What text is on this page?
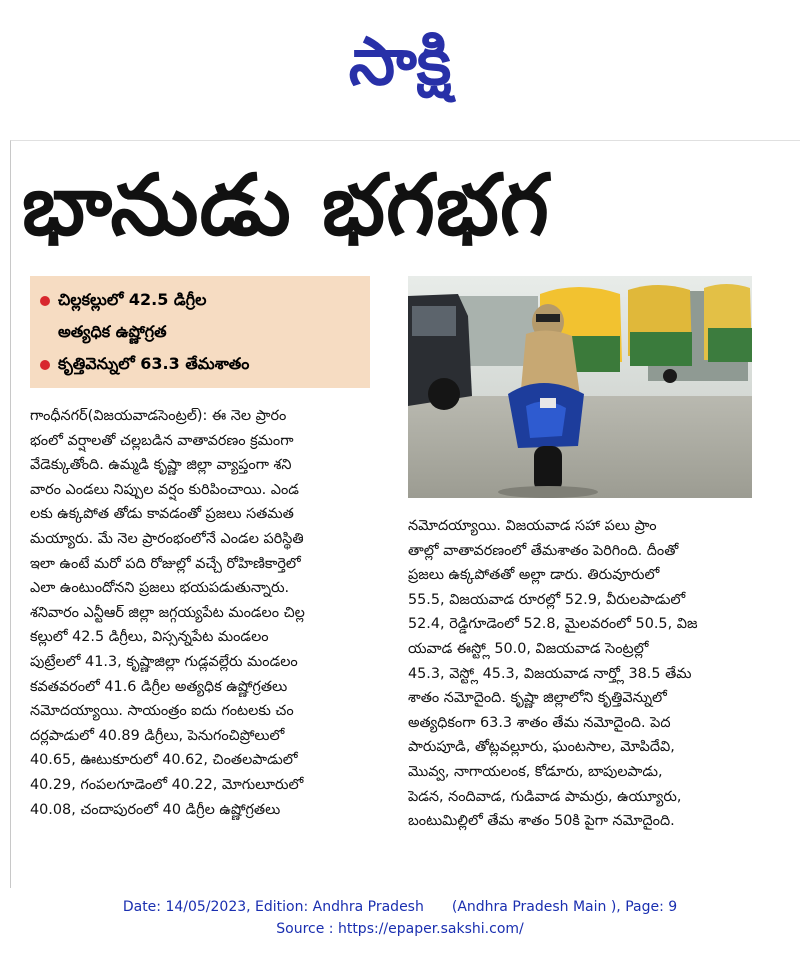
సాక్షి
భానుడు భగభగ
చిల్లకల్లులో 42.5 డిగ్రీల
అత్యధిక ఉష్ణోగ్రత
కృత్తివెన్నులో 63.3 తేమశాతం
గాంధీనగర్(విజయవాడసెంట్రల్): ఈ నెల ప్రారం
భంలో వర్షాలతో చల్లబడిన వాతావరణం క్రమంగా
వేడెక్కుతోంది. ఉమ్మడి కృష్ణా జిల్లా వ్యాప్తంగా శని
వారం ఎండలు నిప్పుల వర్షం కురిపించాయి. ఎండ
లకు ఉక్కపోత తోడు కావడంతో ప్రజలు సతమత
మయ్యారు. మే నెల ప్రారంభంలోనే ఎండల పరిస్థితి
ఇలా ఉంటే మరో పది రోజుల్లో వచ్చే రోహిణికార్తెలో
ఎలా ఉంటుందోనని ప్రజలు భయపడుతున్నారు.
శనివారం ఎన్టీఆర్ జిల్లా జగ్గయ్యపేట మండలం చిల్ల
కల్లులో 42.5 డిగ్రీలు, విస్సన్నపేట మండలం
పుట్రేలలో 41.3, కృష్ణాజిల్లా గుడ్లవల్లేరు మండలం
కవతవరంలో 41.6 డిగ్రీల అత్యధిక ఉష్ణోగ్రతలు
నమోదయ్యాయి. సాయంత్రం ఐదు గంటలకు చం
దర్లపాడులో 40.89 డిగ్రీలు, పెనుగంచిప్రోలులో
40.65, ఊటుకూరులో 40.62, చింతలపాడులో
40.29, గంపలగూడెంలో 40.22, మోగులూరులో
40.08, చందాపురంలో 40 డిగ్రీల ఉష్ణోగ్రతలు
నమోదయ్యాయి. విజయవాడ సహా పలు ప్రాం
తాల్లో వాతావరణంలో తేమశాతం పెరిగింది. దీంతో
ప్రజలు ఉక్కపోతతో అల్లా డారు. తిరువూరులో
55.5, విజయవాడ రూరల్లో 52.9, వీరులపాడులో
52.4, రెడ్డిగూడెంలో 52.8, మైలవరంలో 50.5, విజ
యవాడ ఈస్ట్లో 50.0, విజయవాడ సెంట్రల్లో
45.3, వెస్ట్లో 45.3, విజయవాడ నార్త్లో 38.5 తేమ
శాతం నమోదైంది. కృష్ణా జిల్లాలోని కృత్తివెన్నులో
అత్యధికంగా 63.3 శాతం తేమ నమోదైంది. పెద
పారుపూడి, తోట్లవల్లూరు, ఘంటసాల, మోపిదేవి,
మొవ్వ, నాగాయలంక, కోడూరు, బాపులపాడు,
పెడన, నందివాడ, గుడివాడ పామర్రు, ఉయ్యూరు,
బంటుమిల్లిలో తేమ శాతం 50కి పైగా నమోదైంది.
Date: 14/05/2023, Edition: Andhra Pradesh (Andhra Pradesh Main ), Page: 9
Source : https://epaper.sakshi.com/
